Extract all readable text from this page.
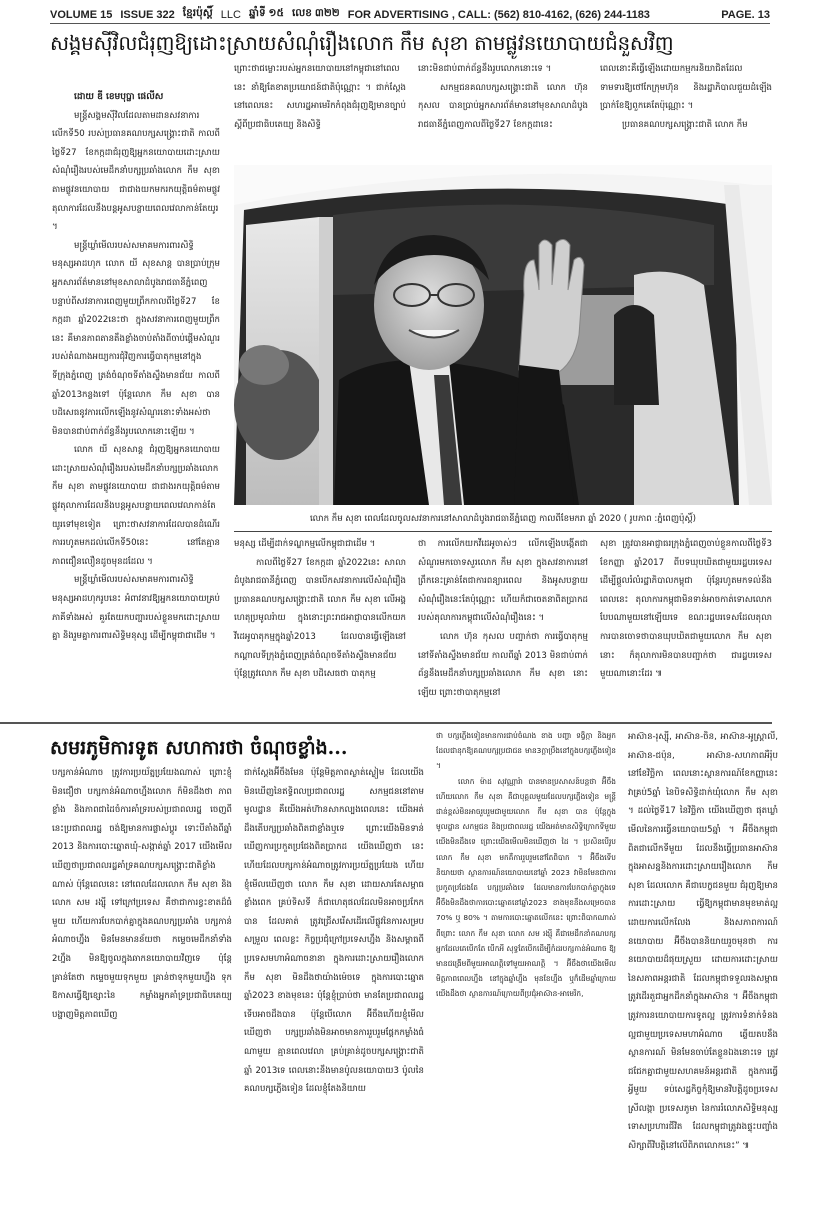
VOLUME 15 ISSUE 322 ខ្មែរប៉ុស្ដិ៍ LLC ឆ្នាំទី ១៥ លេខ ៣២២ FOR ADVERTISING , CALL: (562) 810-4162, (626) 244-1183	PAGE. 13
សង្គមស៊ីវិលជំរុញឱ្យដោះស្រាយសំណុំរឿងលោក កឹម សុខា តាមផ្លូវនយោបាយជំនួសវិញ
ដោយ ឌី ខេមបុប្ផា ផេលីស

មន្ត្រីសង្គមស៊ីវិលដែលតាមដានសវនាការលើកទី50 របស់ប្រធានគណបក្សសង្គ្រោះជាតិ កាលពីថ្ងៃទី27 ខែកក្កដាជំរុញឱ្យអ្នកនយោបាយដោះស្រាយសំណុំរឿងរបស់មេដឹកនាំបក្សប្រឆាំងលោក កឹម សុខា តាមផ្លូវនយោបាយ ជាជាងយកមករកយុត្តិធម៌តាមផ្លូវតុលាការដែលនឹងបន្តអូសបន្លាយពេលវេលាកាន់តែយូរ ។

មន្ត្រីឃ្លាំមើលរបស់សមាគមការពារសិទ្ធិមនុស្សអាដហុក លោក យី សុខសាន្ត បានប្រាប់ក្រុមអ្នកសារព័ត៌មាននៅមុខសាលាដំបូងរាជធានីភ្នំពេញ បន្ទាប់ពីសវនាការពេញមួយព្រឹកកាលពីថ្ងៃទី27 ខែកក្កដា ឆ្នាំ2022នេះថា ក្នុងសវនាការពេញមួយព្រឹកនេះ គឺមានភាពតានតឹងខ្លាំងចាប់តាំងពីចាប់ផ្ដើមសំណួររបស់តំណាងអយ្យការជុំវិញការធ្វើបាតុកម្មនៅក្នុងទីក្រុងភ្នំពេញ ត្រង់ចំណុចទីតាំងស្ទឹងមានជ័យ កាលពីឆ្នាំ2013កន្លងទៅ ប៉ុន្តែលោក កឹម សុខា បានបដិសេធនូវការលើកឡើងនូវសំណួរនោះទាំងអស់ថា មិនបានជាប់ពាក់ព័ន្ធនឹងរូបលោកនោះឡើយ ។

លោក យី សុខសាន្ត ជំរុញឱ្យអ្នកនយោបាយដោះស្រាយសំណុំរឿងរបស់មេដឹកនាំបក្សប្រឆាំងលោក កឹម សុខា តាមផ្លូវនយោបាយ ជាជាងរកយុត្តិធម៌តាមផ្លូវតុលាការដែលនឹងបន្តអូសបន្លាយពេលវេលាកាន់តែយូរទៅមុខទៀត ព្រោះថាសវនាការដែលបានដំណើរការរហូតមកដល់លើកទី50នេះ នៅតែគ្មានភាពជឿនលឿនដូចមុនដដែល ។

មន្ត្រីឃ្លាំមើលរបស់សមាគមការពារសិទ្ធិមនុស្សអាដហុករូបនេះ អំពាវនាវឱ្យអ្នកនយោបាយគ្រប់ភាគីទាំងអស់ គួរតែយកបញ្ហារបស់ខ្លួនមកដោះស្រាយគ្នា និងរួមគ្នាការពារសិទ្ធិមនុស្ស ដើម្បីកម្ពុជាជាដើម ។

ព្រោះថាជម្លោះរបស់អ្នកនយោបាយនៅកម្ពុជានៅពេលនេះ នាំឱ្យតែខាតប្រយោជន៍ជាតិប៉ុណ្ណោះ ។ ជាក់ស្តែងនៅពេលនេះ សហរដ្ឋអាមេរិកកំពុងជំរុញឱ្យមានច្បាប់ស្តីពីប្រជាធិបតេយ្យ និងសិទ្ធិ

នោះមិនជាប់ពាក់ព័ន្ធនឹងរូបលោកនោះទេ ។

សកម្មជនគណបក្សសង្គ្រោះជាតិ លោក ហ៊ុន កុសល បានប្រាប់អ្នកសារព័ត៌មាននៅមុខសាលាដំបូងរាជធានីភ្នំពេញកាលពីថ្ងៃទី27 ខែកក្កដានេះ

ពេលនោះគឺធ្វើឡើងដោយកម្មករនិយាជិតដែលទាមទារឱ្យថៅកែក្រុមហ៊ុន និងរដ្ឋាភិបាលជួយដំឡើងប្រាក់ខែឱ្យពួកគេតែប៉ុណ្ណោះ ។

ប្រធានគណបក្សសង្គ្រោះជាតិ លោក កឹម

លោក កឹម សុខា ពេលដែលចូលសវនាការនៅសាលាដំបូងរាជធានីភ្នំពេញ កាលពីខែមករា ឆ្នាំ 2020 ( រូបភាព :ភ្នំពេញប៉ុស្តិ៍)

មនុស្ស ដើម្បីដាក់ទណ្ឌកម្មលើកម្ពុជាជាដើម ។

កាលពីថ្ងៃទី27 ខែកក្កដា ឆ្នាំ2022នេះ សាលាដំបូងរាជធានីភ្នំពេញ បានបើកសវនាការលើសំណុំរឿងប្រធានគណបក្សសង្គ្រោះជាតិ លោក កឹម សុខា លើអង្គហេតុប្រមូលរ៉ាយ ក្នុងនោះព្រះរាជអាជ្ញាបានលើកយកវីដេអូបាតុកម្មក្នុងឆ្នាំ2013 ដែលបានធ្វើឡើងនៅកណ្ដាលទីក្រុងភ្នំពេញត្រង់ចំណុចទីតាំងស្ទឹងមានជ័យ ប៉ុន្តែត្រូវលោក កឹម សុខា បដិសេធថា បាតុកម្ម

ថា ការលើកយកវីដេអូចាស់ៗ លើកឡើងបង្កើតជាសំណួរមកចោទសួរលោក កឹម សុខា ក្នុងសវនាការនៅព្រឹកនេះគ្រាន់តែជាការពន្យារពេល និងអូសបន្លាយសំណុំរឿងនេះតែប៉ុណ្ណោះ ហើយក៏ជាចេតនាពិតប្រាកដរបស់តុលាការកម្ពុជាលើសំណុំរឿងនេះ ។

លោក ហ៊ុន កុសល បញ្ជាក់ថា ការធ្វើបាតុកម្មនៅទីតាំងស្ទឹងមានជ័យ កាលពីឆ្នាំ 2013 មិនជាប់ពាក់ព័ន្ធនឹងមេដឹកនាំបក្សប្រឆាំងលោក កឹម សុខា នោះឡើយ ព្រោះថាបាតុកម្មនៅ

សុខា ត្រូវបានអាជ្ញាធរក្រុងភ្នំពេញចាប់ខ្លួនកាលពីថ្ងៃទី3 ខែកញ្ញា ឆ្នាំ2017 ពីបទឃុបឃិតជាមួយរដ្ឋបរទេស ដើម្បីផ្ដួលរំលំរដ្ឋាភិបាលកម្ពុជា ប៉ុន្តែរហូតមកទល់នឹងពេលនេះ តុលាការកម្ពុជាមិនទាន់អាចកាត់ទោសលោកបែបណាមួយនៅឡើយទេ ខណៈរដ្ឋបរទេសដែលតុលាការបានចោទថាបានឃុបឃិតជាមួយលោក កឹម សុខា នោះ ក៏តុលាការមិនបានបញ្ជាក់ថា ជារដ្ឋបរទេសមួយណានោះដែរ ៕

សមរភូមិការទូត សហការថា ចំណុចខ្លាំង...

បក្សកាន់អំណាច ត្រូវការប្រយ័ត្នប្រយែងណាស់ ព្រោះខ្ញុំមិនជឿថា បក្សកាន់អំណាចហ្នឹងលោក ក៏មិនដឹងថា ភាពខ្លាំង និងភាពជាដៃចំការគាំទ្ររបស់ប្រជាពលរដ្ឋ ចេញពីនេះប្រជាពលរដ្ឋ ចង់ឱ្យមានការផ្លាស់ប្ដូរ ទោះបីតាំងពីឆ្នាំ 2013 និងការបោះឆ្នោតឃុំ-សង្កាត់ឆ្នាំ 2017 យើងមើលឃើញថាប្រជាពលរដ្ឋគាំទ្រគណបក្សសង្គ្រោះជាតិខ្លាំងណាស់ ប៉ុន្តែពេលនេះ នៅពេលដែលលោក កឹម សុខា និងលោក សម រង្ស៊ី ទៅក្រៅប្រទេស គឺថាជាការខ្វះខាតដ៏ធំមួយ ហើយការបែកបាក់គ្នាក្នុងគណបក្សប្រឆាំង បក្សកាន់អំណាចហ្នឹង មិនមែនមានន័យថា កម្ទេចមេដឹកនាំទាំង 2ហ្នឹង មិនឱ្យចូលក្នុងឆាកនយោបាយវិញទេ ប៉ុន្តែគ្រាន់តែថា កម្ទេចមួយទុកមួយ គ្រាន់ថាទុកមួយហ្នឹង ទុកឱកាសធ្វើឱ្យខ្សោះនៃ កម្លាំងអ្នកគាំទ្រប្រជាធិបតេយ្យ បង្ហាញមិត្តភាពឃើញ

ជាក់ស្តែងអ៊ីចឹងមែន ប៉ុន្តែមិត្តភាពស្ងាត់ស្ងៀម ដែលយើង មិនឃើញនៃឥទ្ធិពលប្រជាពលរដ្ឋ សកម្មជននៅតាមមូលដ្ឋាន គឺយើងអត់ហ៊ានសាកល្បងពេលនេះ យើងអត់ដឹងតើបក្សប្រឆាំងពិតជាខ្លាំងឬទេ ព្រោះយើងមិនទាន់ឃើញការប្រកួតប្រជែងពិតប្រាកដ យើងឃើញថា នេះហើយដែលបក្សកាន់អំណាចត្រូវការប្រយ័ត្នប្រយែង ហើយខ្ញុំមើលឃើញថា លោក កឹម សុខា ដោយសារតែសម្ពាធខ្លាំងពេក គ្រប់ទិសទី ក៏ជាហេតុផលដែលមិនអាចប្រកែកបាន ដែលគាត់ ត្រូវជ្រើសរើសដើរលើផ្លូវនៃការសម្របសម្រួល ពេលខ្លះ កិច្ចប្រជុំក្រៅប្រទេសហ្នឹង និងសម្ពាធពីប្រទេសមហាអំណាចនានា ក្នុងការដោះស្រាយរឿងលោក កឹម សុខា មិនដឹងថាយ៉ាងម៉េចទេ ក្នុងការបោះឆ្នោតឆ្នាំ2023 ខាងមុខនេះ ប៉ុន្តែខ្ញុំប្រាប់ថា មានតែប្រជាពលរដ្ឋ ទើបអាចដឹងបាន ប៉ុន្តែបើលោក អ៊ីចឹងហើយខ្ញុំមើលឃើញថា បក្សប្រឆាំងមិនអាចមានការរួបរួមផ្ដែកកម្លាំងធំណាមួយ គ្មានពេលវេលា គ្រប់គ្រាន់ដូចបក្សសង្គ្រោះជាតិ ឆ្នាំ 2013ទេ ពេលនោះនឹងមានប៉ូលនយោបាយ3 ប៉ូលនៃគណបក្សភ្លើងទៀន ដែលខ្ញុំតែងនិយាយ

ថា បក្សភ្លើងទៀនមានការជាប់ចំណង ខាង បញ្ហា ទង្វិក្កា និងអ្នកដែលជានុកឱ្យគណបក្សប្រជាជន មាន3ក្ដាប្រឹងនៅក្នុងបក្សភ្លើងទៀន ។

លោក ម៉ាដ សុវណ្ណារ៉ា បានមានប្រសាសន៍បន្តថា អ៊ីចឹងហើយលោក កឹម សុខា គឺជាបុគ្គលមួយដែលបក្សភ្លើងទៀន មន្ត្រីជាន់ខ្ពស់មិនអាចរួបរួមជាមួយលោក កឹម សុខា បាន ប៉ុន្តែក្នុងមូលដ្ឋាន សកម្មជន និងប្រជាពលរដ្ឋ យើងអត់មានសិទ្ធិក្រោកទីមួយ យើងមិនដឹងទេ ព្រោះយើងមើលមិនឃើញថា ដៃ ។ ប្រសិនបើរូបលោក កឹម សុខា មកគឺការរួបរួមនៅតែពិបាក ។ អ៊ីចឹងទើបនិយាយថា ស្ថានការណ៍នយោបាយនៅឆ្នាំ 2023 វាមិនមែនជាការប្រកួតប្រជែងតែ បក្សប្រឆាំងទេ ដែលមានការបែកបាក់គ្នាក្នុងទេ អ៊ីចឹងមិនដឹងថាការបោះឆ្នោតនៅឆ្នាំ2023 ខាងមុខនឹងសម្រេចបាន 70% ឬ 80% ។ តាមការបោះឆ្នោតលើកនេះ ព្រោះពិបាកណាស់ ពីព្រោះ លោក កឹម សុខា លោក សម រង្ស៊ី គឺជាមេដឹកនាំគណបក្ស អ្នកដែលគេបើកតែ បើកអី សុទ្ធតែបើកដើម្បីកំដរបក្សកាន់អំណាច ឱ្យមានជង្រើមពីមួយអាណត្តិទៅមួយអាណត្តិ ។ អ៊ីចឹងថាយើងមើលមិត្តភាពពេលហ្នឹង នៅក្នុងឆ្នាំហ្នឹង មុនខែហ្នឹង ឬក៏ដើមឆ្នាំក្រោយ យើងដឹងថា ស្ថានការណ៍ក្រោយពីប្រជុំអាស៊ាន-អាមេរិក,

អាស៊ាន-រុស្ស៊ី, អាស៊ាន-ចិន, អាស៊ាន-អូស្ត្រាលី, អាស៊ាន-ជប៉ុន, អាស៊ាន-សហភាពអឺរ៉ុប នៅខែវិច្ឆិកា ពេលនោះស្ថានការណ៍ខែកញ្ញានេះ វាគ្រប់5ឆ្នាំ នៃបិទសិទ្ធិដាក់ឃុំលោក កឹម សុខា ។ ដល់ថ្ងៃទី17 នៃវិច្ឆិកា យើងឃើញថា ផុតឃ្លាំមើលនៃការធ្វើនយោបាយ5ឆ្នាំ ។ អ៊ីចឹងកម្ពុជាពិតជាលើកទីមួយ ដែលនឹងធ្វើប្រធានអាស៊ាន ក្នុងអាសន្ននិងការដោះស្រាយរឿងលោក កឹម សុខា ដែលលោក គឺជាបេក្ខជនមួយ ជំរុញឱ្យមានការដោះស្រាយ ធ្វើឱ្យកម្ពុជាមានមុខមាត់ល្អ ដោយការលើកលែង និងសភាពការណ៍នយោបាយ អ៊ីចឹងបាននិយាយរួចមុនថា ការនយោបាយដ៏ផុយស្រួយ ដោយការដោះស្រាយនៃសភាពអន្តរជាតិ ដែលកម្ពុជាទទួលរងសម្ពាធ ត្រូវដើរតួជាអ្នកដឹកនាំក្នុងអាស៊ាន ។ អ៊ីចឹងកម្ពុជាត្រូវការនយោបាយការទូតល្អ ត្រូវការទំនាក់ទំនងល្អជាមួយប្រទេសមហាអំណាច ឆ្លើយតបនឹងស្ថានការណ៍ មិនមែនចាប់តែខ្លួនឯងនោះទេ ត្រូវជជែកគ្នាជាមួយសហគមន៍អន្តរជាតិ ក្នុងការធ្វើអ្វីមួយ ទប់សេដ្ឋកិច្ចកុំឱ្យមានវិបត្តិដូចប្រទេសស្រីលង្កា ប្រទេសភូមា នៃការរំលោភសិទ្ធិមនុស្ស ទោសប្រហារជីវិត ដែលកម្ពុជាត្រូវរងផ្ទុះបញ្ចាំងសិក្សាពីវិបត្តិនៅលើពិភពលោកនេះ” ៕
